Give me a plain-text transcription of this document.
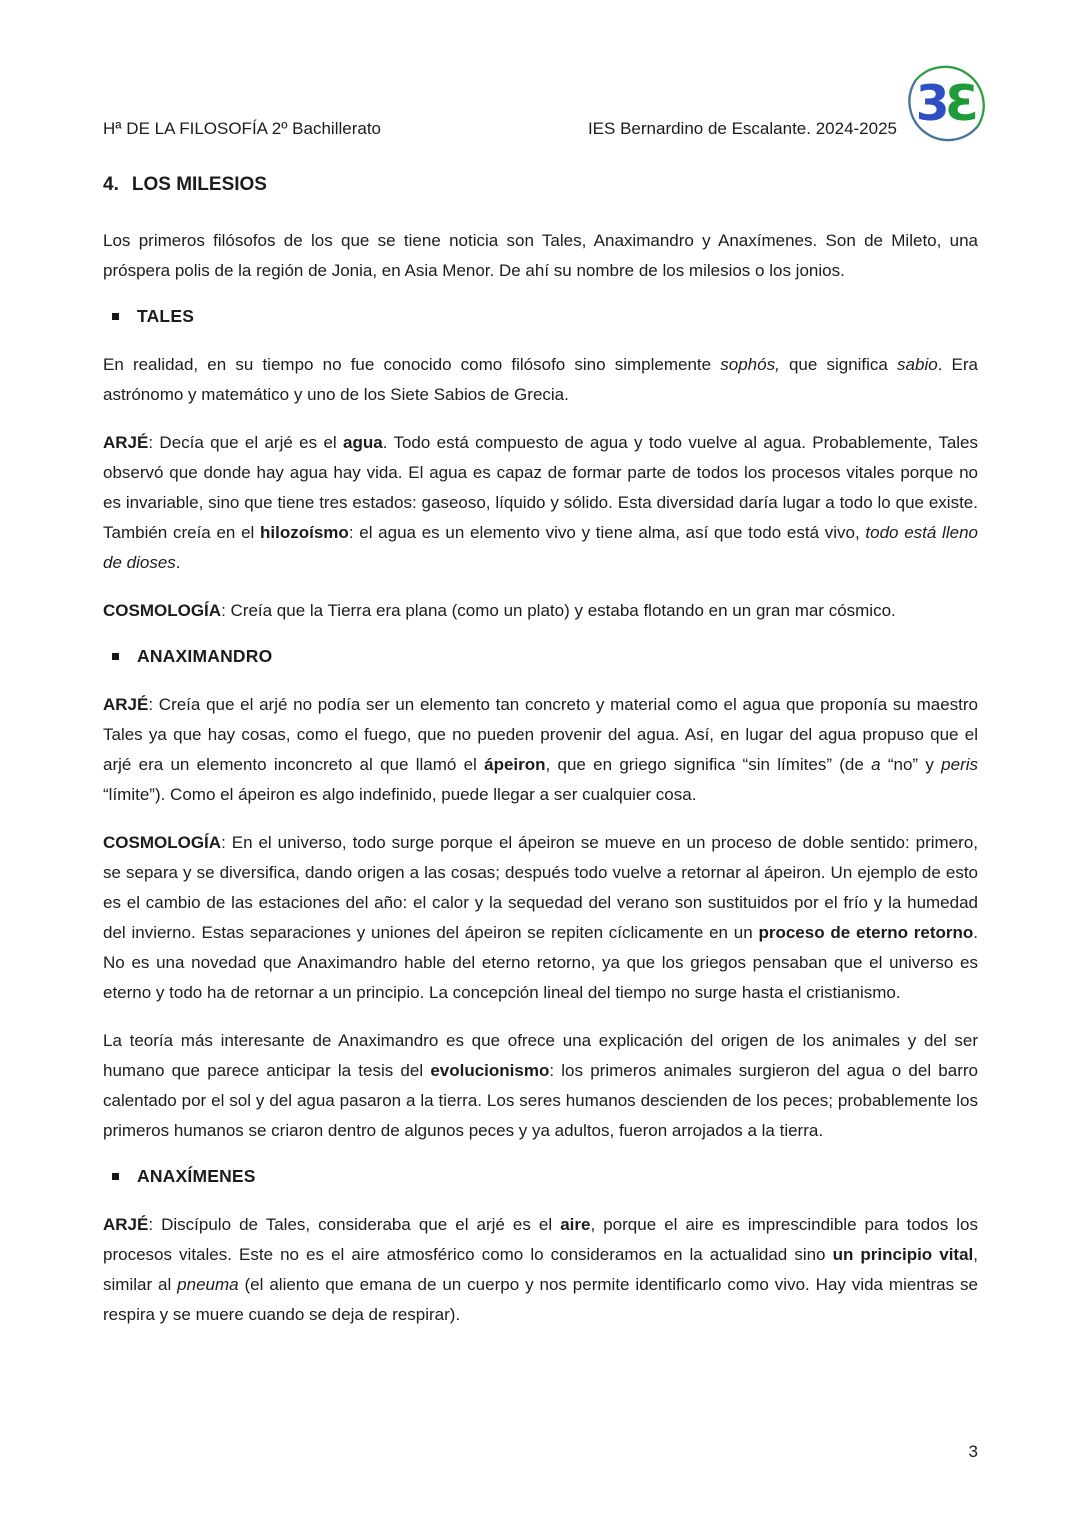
Hª DE LA FILOSOFÍA 2º Bachillerato	IES Bernardino de Escalante. 2024-2025 3
3
4. LOS MILESIOS

Los primeros filósofos de los que se tiene noticia son Tales, Anaximandro y Anaxímenes. Son de Mileto, una próspera polis de la región de Jonia, en Asia Menor. De ahí su nombre de los milesios o los jonios.

TALES

En realidad, en su tiempo no fue conocido como filósofo sino simplemente sophós, que significa sabio. Era astrónomo y matemático y uno de los Siete Sabios de Grecia.

ARJÉ: Decía que el arjé es el agua. Todo está compuesto de agua y todo vuelve al agua. Probablemente, Tales observó que donde hay agua hay vida. El agua es capaz de formar parte de todos los procesos vitales porque no es invariable, sino que tiene tres estados: gaseoso, líquido y sólido. Esta diversidad daría lugar a todo lo que existe. También creía en el hilozoísmo: el agua es un elemento vivo y tiene alma, así que todo está vivo, todo está lleno de dioses.

COSMOLOGÍA: Creía que la Tierra era plana (como un plato) y estaba flotando en un gran mar cósmico.

ANAXIMANDRO

ARJÉ: Creía que el arjé no podía ser un elemento tan concreto y material como el agua que proponía su maestro Tales ya que hay cosas, como el fuego, que no pueden provenir del agua. Así, en lugar del agua propuso que el arjé era un elemento inconcreto al que llamó el ápeiron, que en griego significa “sin límites” (de a “no” y peris “límite”). Como el ápeiron es algo indefinido, puede llegar a ser cualquier cosa.

COSMOLOGÍA: En el universo, todo surge porque el ápeiron se mueve en un proceso de doble sentido: primero, se separa y se diversifica, dando origen a las cosas; después todo vuelve a retornar al ápeiron. Un ejemplo de esto es el cambio de las estaciones del año: el calor y la sequedad del verano son sustituidos por el frío y la humedad del invierno. Estas separaciones y uniones del ápeiron se repiten cíclicamente en un proceso de eterno retorno. No es una novedad que Anaximandro hable del eterno retorno, ya que los griegos pensaban que el universo es eterno y todo ha de retornar a un principio. La concepción lineal del tiempo no surge hasta el cristianismo.

La teoría más interesante de Anaximandro es que ofrece una explicación del origen de los animales y del ser humano que parece anticipar la tesis del evolucionismo: los primeros animales surgieron del agua o del barro calentado por el sol y del agua pasaron a la tierra. Los seres humanos descienden de los peces; probablemente los primeros humanos se criaron dentro de algunos peces y ya adultos, fueron arrojados a la tierra.

ANAXÍMENES

ARJÉ: Discípulo de Tales, consideraba que el arjé es el aire, porque el aire es imprescindible para todos los procesos vitales. Este no es el aire atmosférico como lo consideramos en la actualidad sino un principio vital, similar al pneuma (el aliento que emana de un cuerpo y nos permite identificarlo como vivo. Hay vida mientras se respira y se muere cuando se deja de respirar).

3
